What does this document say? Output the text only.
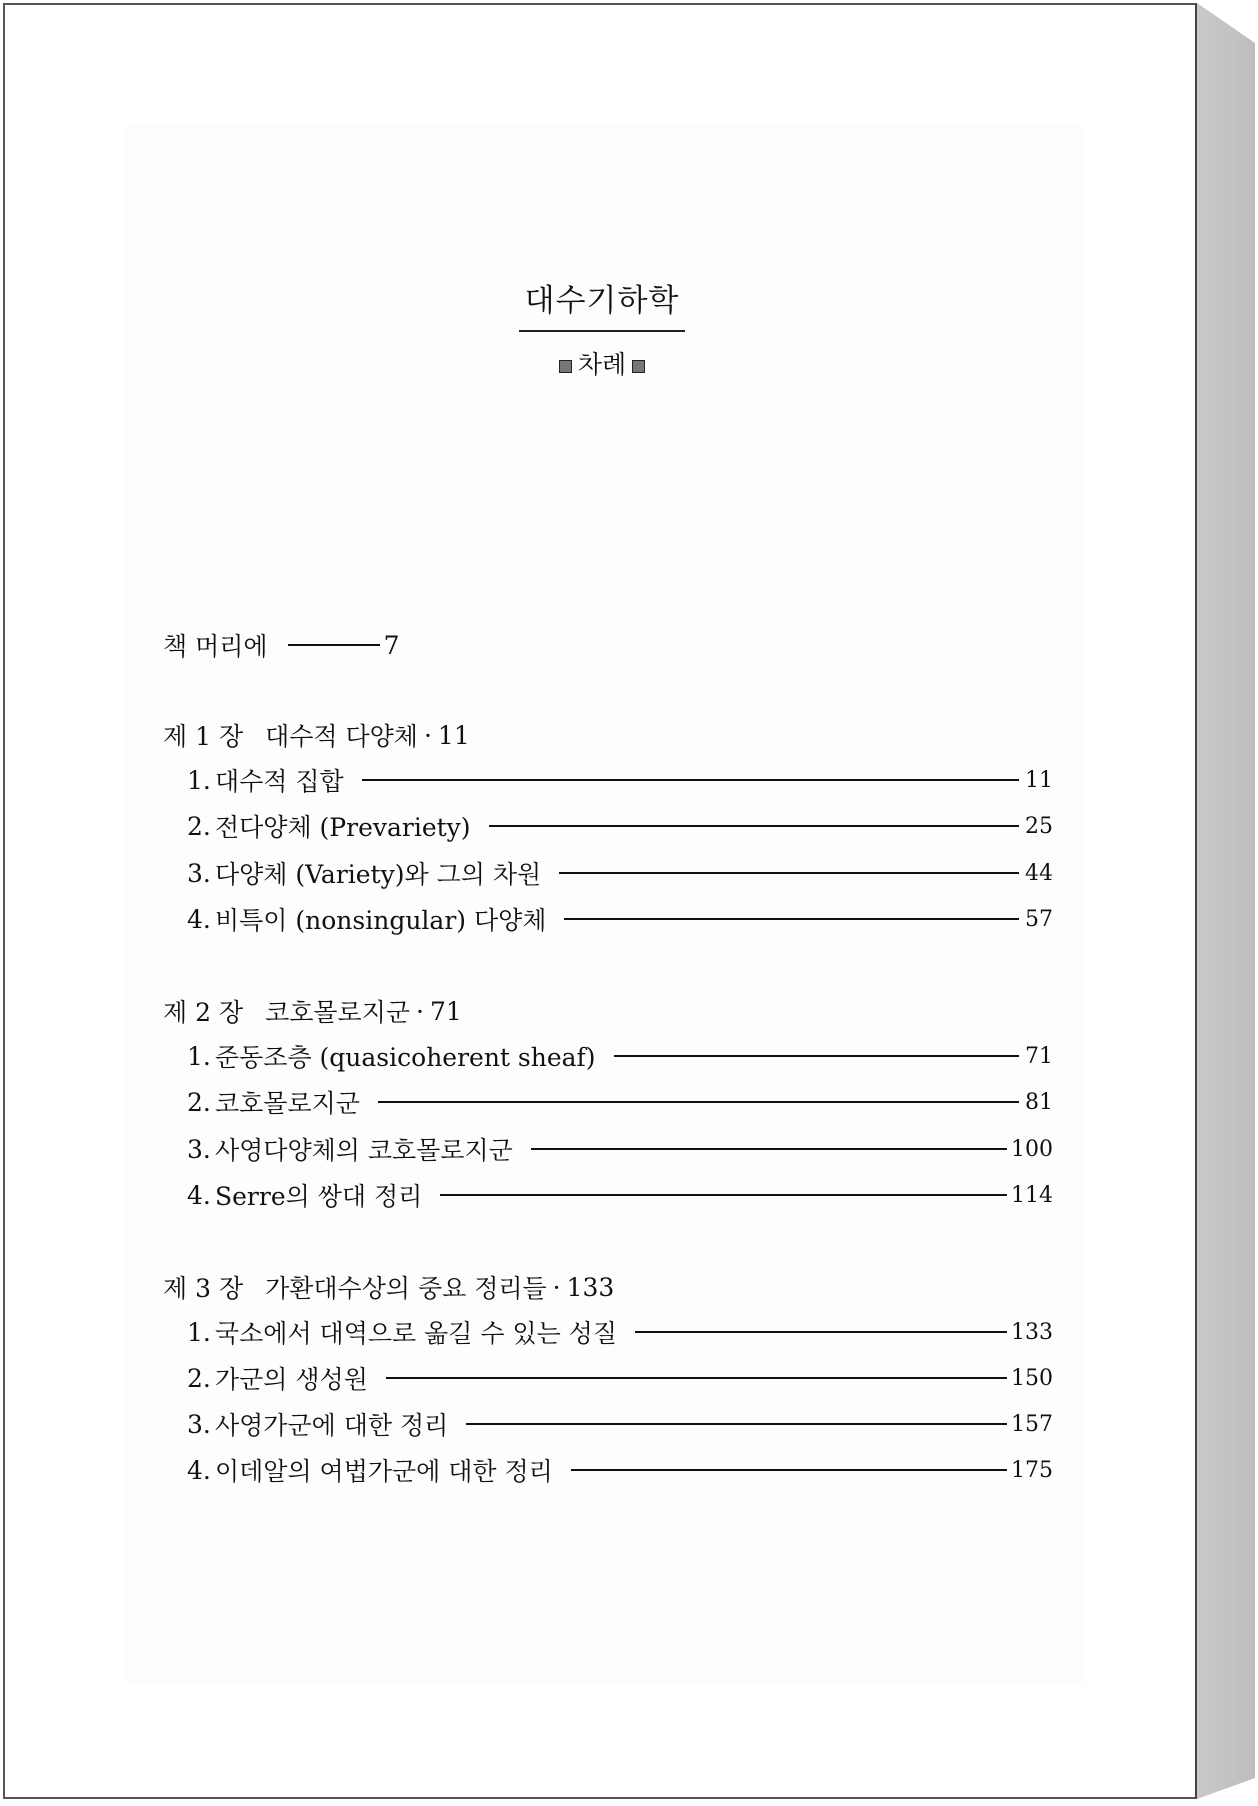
대수기하학
차례
책 머리에	7
제 1 장 대수적 다양체 · 11
1. 대수적 집합	11
2. 전다양체 (Prevariety)	25
3. 다양체 (Variety)와 그의 차원	44
4. 비특이 (nonsingular) 다양체	57
제 2 장 코호몰로지군 · 71
1. 준동조층 (quasicoherent sheaf)	71
2. 코호몰로지군	81
3. 사영다양체의 코호몰로지군	100
4. Serre의 쌍대 정리	114
제 3 장 가환대수상의 중요 정리들 · 133
1. 국소에서 대역으로 옮길 수 있는 성질	133
2. 가군의 생성원	150
3. 사영가군에 대한 정리	157
4. 이데알의 여법가군에 대한 정리	175
